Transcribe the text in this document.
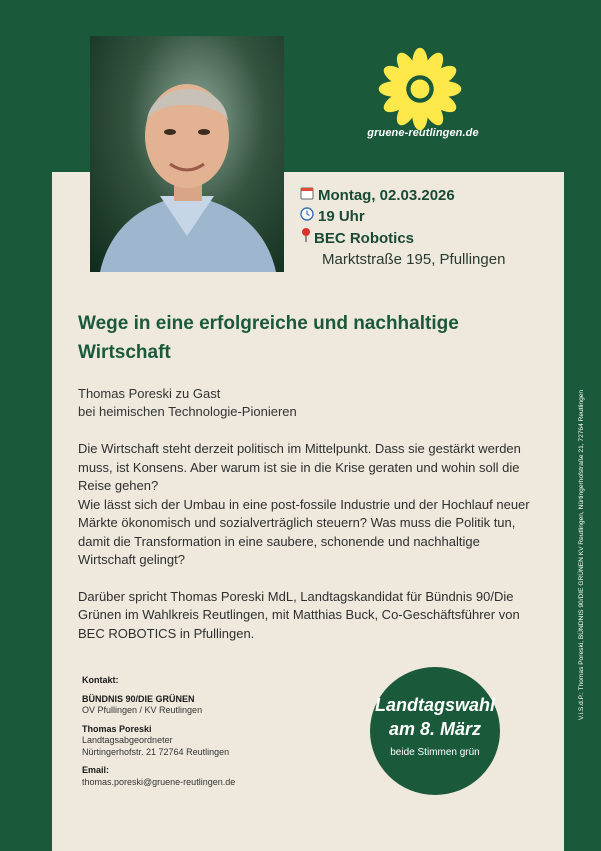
gruene-reutlingen.de
Montag, 02.03.2026
19 Uhr
BEC Robotics
Marktstraße 195, Pfullingen
Wege in eine erfolgreiche und nachhaltige Wirtschaft
Thomas Poreski zu Gast
bei heimischen Technologie-Pionieren

Die Wirtschaft steht derzeit politisch im Mittelpunkt. Dass sie gestärkt werden muss, ist Konsens. Aber warum ist sie in die Krise geraten und wohin soll die Reise gehen?

Wie lässt sich der Umbau in eine post-fossile Industrie und der Hochlauf neuer Märkte ökonomisch und sozialverträglich steuern? Was muss die Politik tun, damit die Transformation in eine saubere, schonende und nachhaltige Wirtschaft gelingt?

Darüber spricht Thomas Poreski MdL, Landtagskandidat für Bündnis 90/Die Grünen im Wahlkreis Reutlingen, mit Matthias Buck, Co-Geschäftsführer von BEC ROBOTICS in Pfullingen.

Kontakt:
BÜNDNIS 90/DIE GRÜNEN
OV Pfullingen / KV Reutlingen
Thomas Poreski
Landtagsabgeordneter
Nürtingerhofstr. 21 72764 Reutlingen
Email:
thomas.poreski@gruene-reutlingen.de
Landtagswahl
am 8. März
beide Stimmen grün
V.i.S.d.P.: Thomas Poreski, BÜNDNIS 90/DIE GRÜNEN KV Reutlingen, Nürtingerhofstraße 21, 72764 Reutlingen
